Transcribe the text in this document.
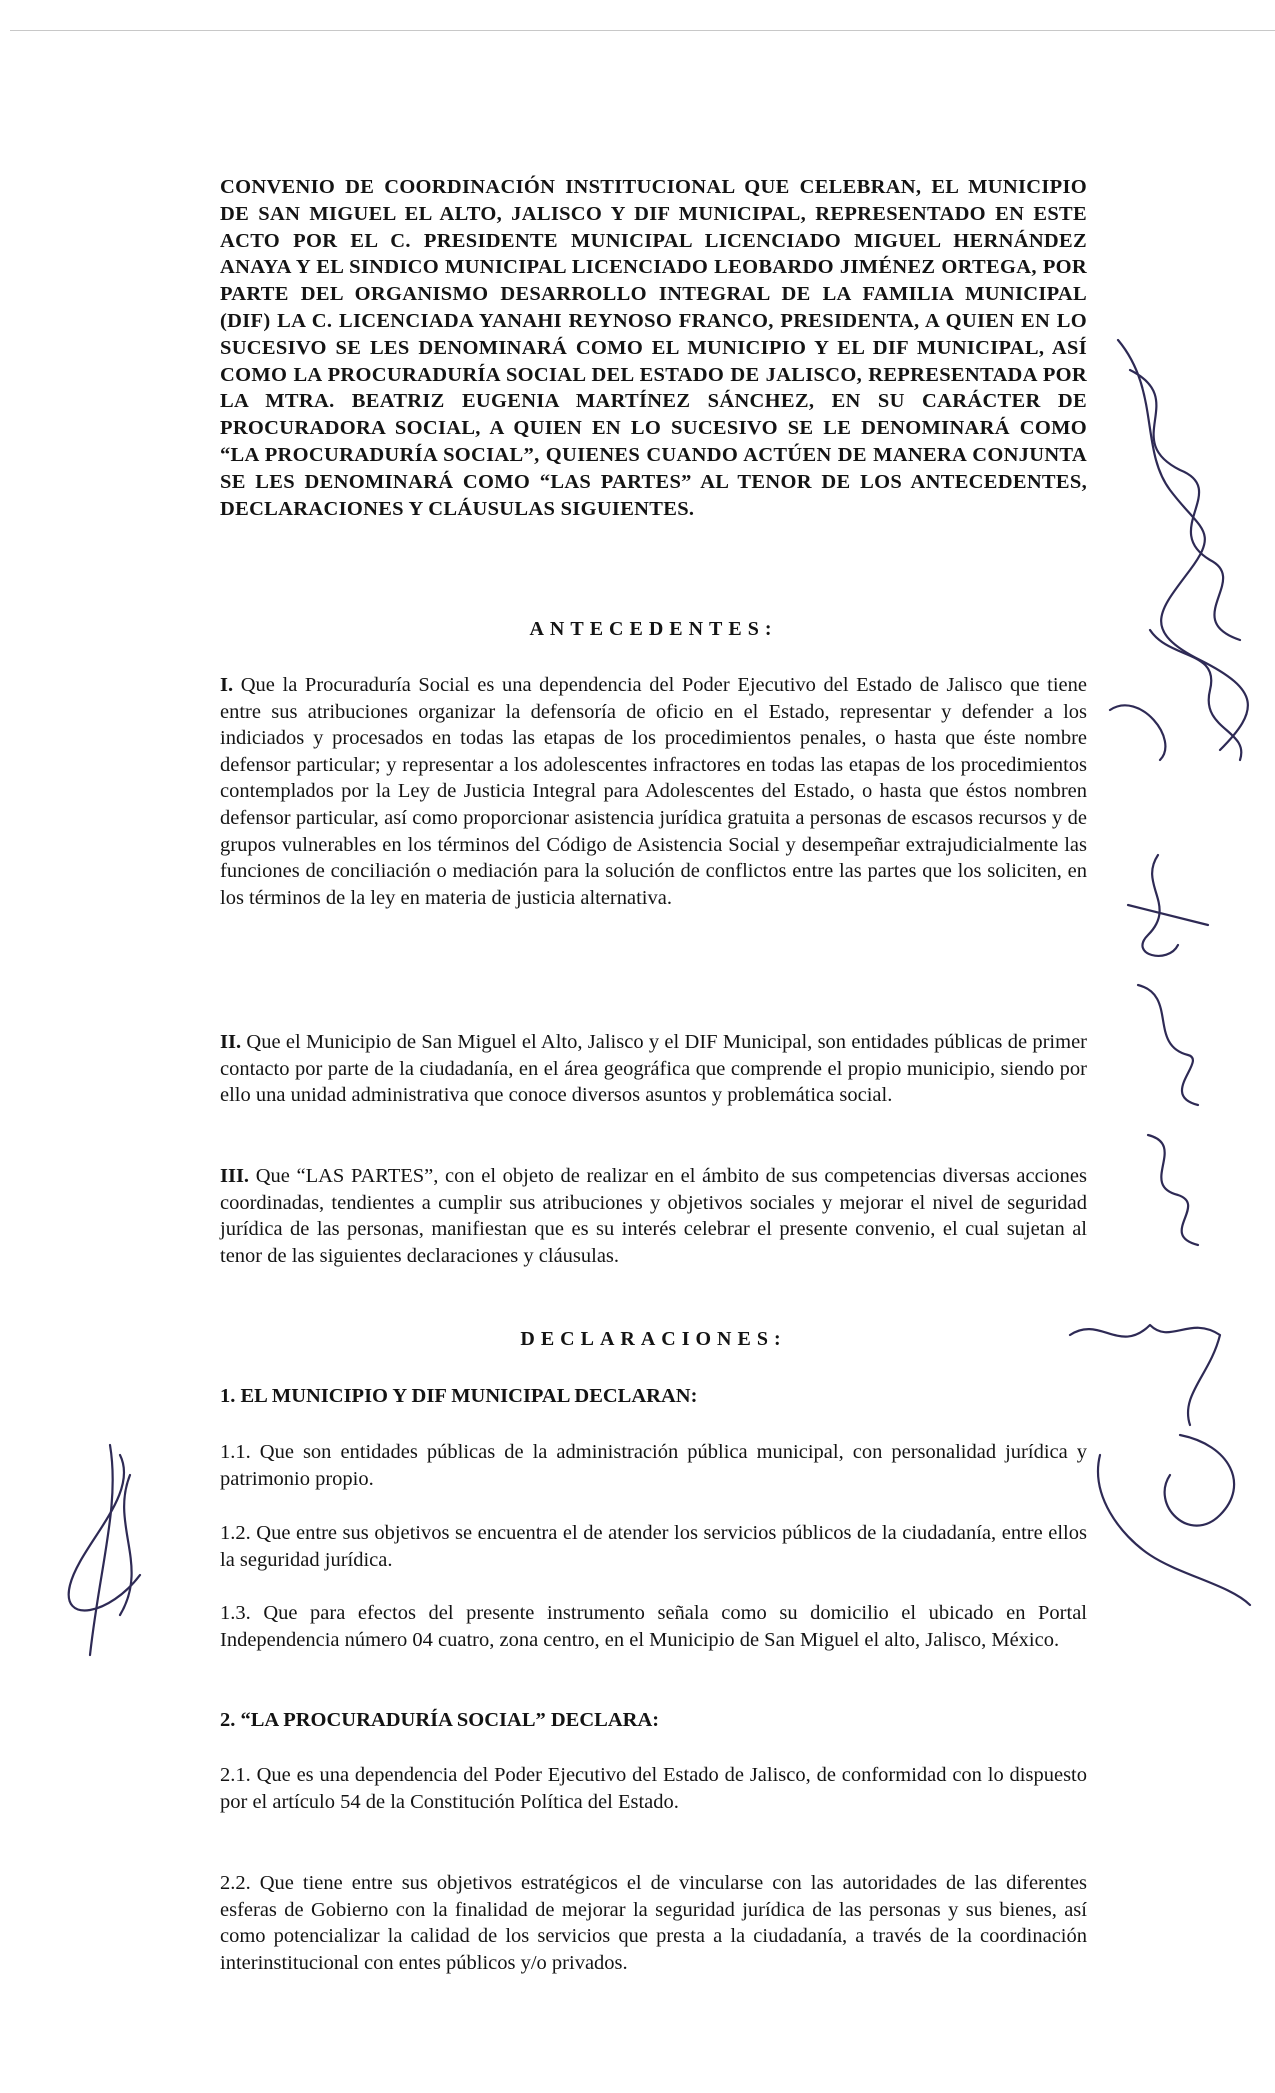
CONVENIO DE COORDINACIÓN INSTITUCIONAL QUE CELEBRAN, EL MUNICIPIO DE SAN MIGUEL EL ALTO, JALISCO Y DIF MUNICIPAL, REPRESENTADO EN ESTE ACTO POR EL C. PRESIDENTE MUNICIPAL LICENCIADO MIGUEL HERNÁNDEZ ANAYA Y EL SINDICO MUNICIPAL LICENCIADO LEOBARDO JIMÉNEZ ORTEGA, POR PARTE DEL ORGANISMO DESARROLLO INTEGRAL DE LA FAMILIA MUNICIPAL (DIF) LA C. LICENCIADA YANAHI REYNOSO FRANCO, PRESIDENTA, A QUIEN EN LO SUCESIVO SE LES DENOMINARÁ COMO EL MUNICIPIO Y EL DIF MUNICIPAL, ASÍ COMO LA PROCURADURÍA SOCIAL DEL ESTADO DE JALISCO, REPRESENTADA POR LA MTRA. BEATRIZ EUGENIA MARTÍNEZ SÁNCHEZ, EN SU CARÁCTER DE PROCURADORA SOCIAL, A QUIEN EN LO SUCESIVO SE LE DENOMINARÁ COMO “LA PROCURADURÍA SOCIAL”, QUIENES CUANDO ACTÚEN DE MANERA CONJUNTA SE LES DENOMINARÁ COMO “LAS PARTES” AL TENOR DE LOS ANTECEDENTES, DECLARACIONES Y CLÁUSULAS SIGUIENTES.
ANTECEDENTES:
I. Que la Procuraduría Social es una dependencia del Poder Ejecutivo del Estado de Jalisco que tiene entre sus atribuciones organizar la defensoría de oficio en el Estado, representar y defender a los indiciados y procesados en todas las etapas de los procedimientos penales, o hasta que éste nombre defensor particular; y representar a los adolescentes infractores en todas las etapas de los procedimientos contemplados por la Ley de Justicia Integral para Adolescentes del Estado, o hasta que éstos nombren defensor particular, así como proporcionar asistencia jurídica gratuita a personas de escasos recursos y de grupos vulnerables en los términos del Código de Asistencia Social y desempeñar extrajudicialmente las funciones de conciliación o mediación para la solución de conflictos entre las partes que los soliciten, en los términos de la ley en materia de justicia alternativa.
II. Que el Municipio de San Miguel el Alto, Jalisco y el DIF Municipal, son entidades públicas de primer contacto por parte de la ciudadanía, en el área geográfica que comprende el propio municipio, siendo por ello una unidad administrativa que conoce diversos asuntos y problemática social.
III. Que “LAS PARTES”, con el objeto de realizar en el ámbito de sus competencias diversas acciones coordinadas, tendientes a cumplir sus atribuciones y objetivos sociales y mejorar el nivel de seguridad jurídica de las personas, manifiestan que es su interés celebrar el presente convenio, el cual sujetan al tenor de las siguientes declaraciones y cláusulas.
DECLARACIONES:
1. EL MUNICIPIO Y DIF MUNICIPAL DECLARAN:
1.1. Que son entidades públicas de la administración pública municipal, con personalidad jurídica y patrimonio propio.
1.2. Que entre sus objetivos se encuentra el de atender los servicios públicos de la ciudadanía, entre ellos la seguridad jurídica.
1.3. Que para efectos del presente instrumento señala como su domicilio el ubicado en Portal Independencia número 04 cuatro, zona centro, en el Municipio de San Miguel el alto, Jalisco, México.
2. “LA PROCURADURÍA SOCIAL” DECLARA:
2.1. Que es una dependencia del Poder Ejecutivo del Estado de Jalisco, de conformidad con lo dispuesto por el artículo 54 de la Constitución Política del Estado.
2.2. Que tiene entre sus objetivos estratégicos el de vincularse con las autoridades de las diferentes esferas de Gobierno con la finalidad de mejorar la seguridad jurídica de las personas y sus bienes, así como potencializar la calidad de los servicios que presta a la ciudadanía, a través de la coordinación interinstitucional con entes públicos y/o privados.
